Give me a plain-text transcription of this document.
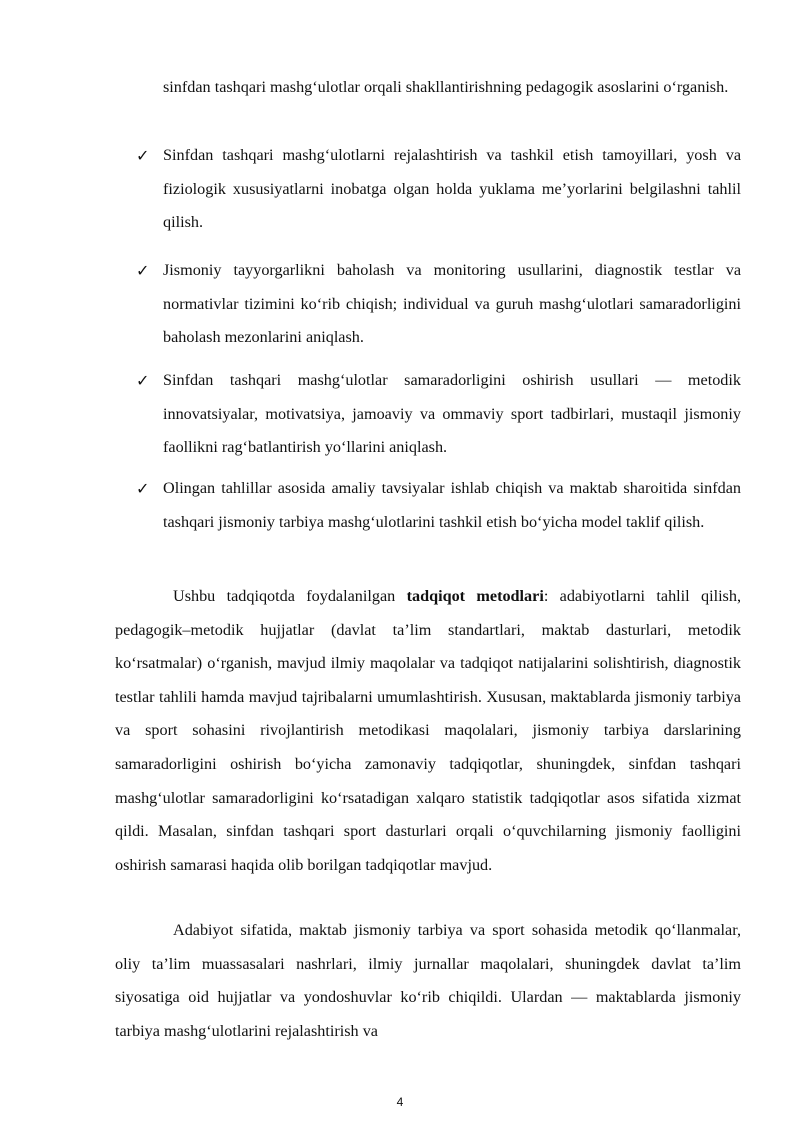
sinfdan tashqari mashg‘ulotlar orqali shakllantirishning pedagogik asoslarini o‘rganish.

✓ Sinfdan tashqari mashg‘ulotlarni rejalashtirish va tashkil etish tamoyillari, yosh va fiziologik xususiyatlarni inobatga olgan holda yuklama me’yorlarini belgilashni tahlil qilish.
✓ Jismoniy tayyorgarlikni baholash va monitoring usullarini, diagnostik testlar va normativlar tizimini ko‘rib chiqish; individual va guruh mashg‘ulotlari samaradorligini baholash mezonlarini aniqlash.
✓ Sinfdan tashqari mashg‘ulotlar samaradorligini oshirish usullari — metodik innovatsiyalar, motivatsiya, jamoaviy va ommaviy sport tadbirlari, mustaqil jismoniy faollikni rag‘batlantirish yo‘llarini aniqlash.
✓ Olingan tahlillar asosida amaliy tavsiyalar ishlab chiqish va maktab sharoitida sinfdan tashqari jismoniy tarbiya mashg‘ulotlarini tashkil etish bo‘yicha model taklif qilish.

Ushbu tadqiqotda foydalanilgan tadqiqot metodlari: adabiyotlarni tahlil qilish, pedagogik–metodik hujjatlar (davlat ta’lim standartlari, maktab dasturlari, metodik ko‘rsatmalar) o‘rganish, mavjud ilmiy maqolalar va tadqiqot natijalarini solishtirish, diagnostik testlar tahlili hamda mavjud tajribalarni umumlashtirish. Xususan, maktablarda jismoniy tarbiya va sport sohasini rivojlantirish metodikasi maqolalari, jismoniy tarbiya darslarining samaradorligini oshirish bo‘yicha zamonaviy tadqiqotlar, shuningdek, sinfdan tashqari mashg‘ulotlar samaradorligini ko‘rsatadigan xalqaro statistik tadqiqotlar asos sifatida xizmat qildi. Masalan, sinfdan tashqari sport dasturlari orqali o‘quvchilarning jismoniy faolligini oshirish samarasi haqida olib borilgan tadqiqotlar mavjud.

Adabiyot sifatida, maktab jismoniy tarbiya va sport sohasida metodik qo‘llanmalar, oliy ta’lim muassasalari nashrlari, ilmiy jurnallar maqolalari, shuningdek davlat ta’lim siyosatiga oid hujjatlar va yondoshuvlar ko‘rib chiqildi. Ulardan — maktablarda jismoniy tarbiya mashg‘ulotlarini rejalashtirish va

4
